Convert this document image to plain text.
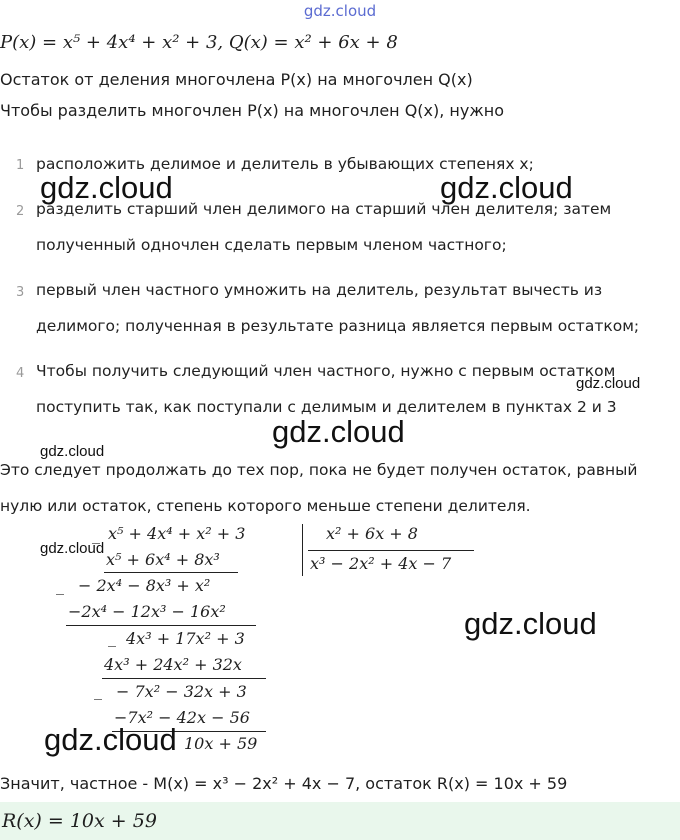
gdz.cloud
P(x) = x⁵ + 4x⁴ + x² + 3, Q(x) = x² + 6x + 8
Остаток от деления многочлена P(x) на многочлен Q(x)
Чтобы разделить многочлен P(x) на многочлен Q(x), нужно
1 расположить делимое и делитель в убывающих степенях x;
2 разделить старший член делимого на старший член делителя; затем
полученный одночлен сделать первым членом частного;
3 первый член частного умножить на делитель, результат вычесть из
делимого; полученная в результате разница является первым остатком;
4 Чтобы получить следующий член частного, нужно с первым остатком
поступить так, как поступали с делимым и делителем в пунктах 2 и 3
Это следует продолжать до тех пор, пока не будет получен остаток, равный
нулю или остаток, степень которого меньше степени делителя.
_ x⁵ + 4x⁴ + x² + 3	x² + 6x + 8
x³ − 2x² + 4x − 7
x⁵ + 6x⁴ + 8x³
_ − 2x⁴ − 8x³ + x²
−2x⁴ − 12x³ − 16x²
_ 4x³ + 17x² + 3
4x³ + 24x² + 32x
_ − 7x² − 32x + 3
−7x² − 42x − 56
10x + 59
Значит, частное - M(x) = x³ − 2x² + 4x − 7, остаток R(x) = 10x + 59
R(x) = 10x + 59
gdz.cloud	gdz.cloud
gdz.cloud
gdz.cloud
gdz.cloud
gdz.cloud
gdz.cloud
gdz.cloud
